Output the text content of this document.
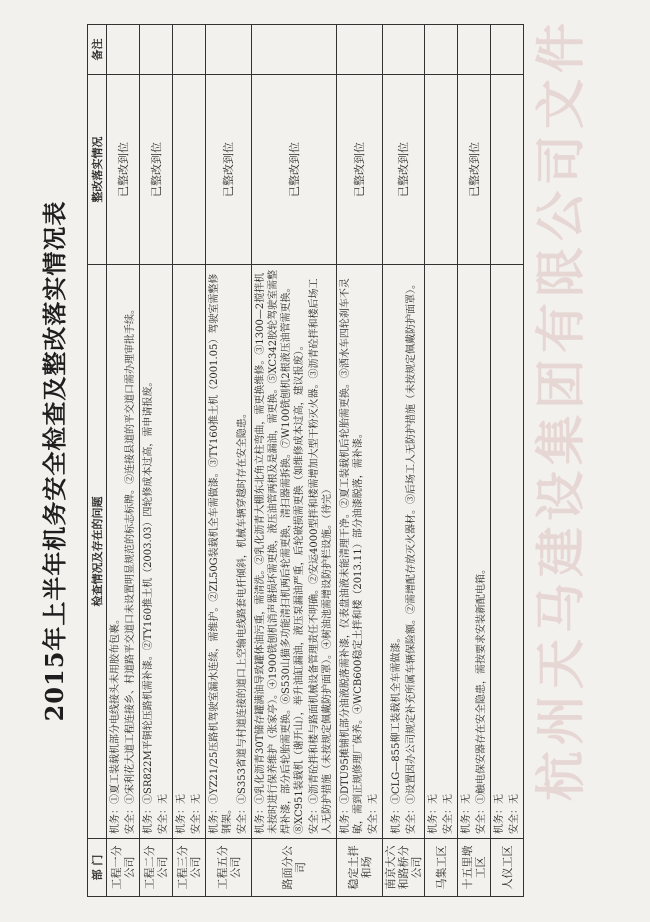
杭州天马建设集团有限公司文件
2015年上半年机务安全检查及整改落实情况表
部 门	检查情况及存在的问题	整改落实情况	备注
工程一分公司	机务：①夏工装载机部分电线接头未用胶布包裹。 安全：①宋利花大道工程连接乡、村道路平交道口未设置明显规范的标志标牌。②连接县道的平交道口需办理审批手续。	已整改到位	
工程二分公司	机务：①SR822M平铜轮压路机需补漆。②TY160推土机（2003.03）四轮修成本过高，需申请报废。 安全：无	已整改到位	
工程三分公司	机务：无 安全：无		

工程五分公司	机务：①YZ21/25压路机驾驶室漏水连续，需维护。②ZL50G装载机全车需做漆。③TY160推土机（2001.05）驾驶室需整修钢架。 安全：①S353省道与村道连接的道口上空输电线路套电杆倾斜，机械车辆穿越时存在安全隐患。	已整改到位	
路面分公司	机务：①乳化沥青30T储存罐满油导致罐体油污重，需清洗。②乳化沥青大棚东北角立柱弯曲，需更换维修。③1300—2搅拌机未按时进行保养维护（张家亭）。④1900铣刨机消声器损坏需更换，液压油管两根及是漏油，需更换。⑤XC342胶轮驾驶室需整焊补漆，部分后轮胎需更换。⑥S530山猫多功能清扫机两后轮需更换，清扫器需拆换。⑦W100铣刨机2根液压油管需更换。⑧XC951装载机（谢开山），举升油缸漏油，液压泵漏油严重，后轮破损需更换（如维修成本过高，建议报废）。 安全：①沥青砼拌和楼与路面机械设备管理责任不明确。②安运4000型拌和楼需增加大型干粉灭火器。③沥青砼拌和楼后场工人无防护措施（未按规定佩戴防护面罩）。④树油池需增设防护栏设施。（待完）	已整改到位	
稳定土拌和场	机务：①DTU95摊铺机部分油液脱落需补漆，仪表盘油液未能清理干净。②夏工装载机后轮胎需更换。③洒水车四轮刹车不灵敏，需到正规修理厂保养。④WCB600稳定土拌和楼（2013.11）部分油漆脱落，需补漆。 安全：无	已整改到位	
南京大六和路桥分公司	机务：①CLG—855柳工装载机全车需做漆。 安全：①设置因办公司规定补充所属车辆保险额。②需增配存放灭火器材。③后场工人无防护措施（未按规定佩戴防护面罩）。	已整改到位	
马集工区	机务：无 安全：无		

十五里墩工区	机务：无 安全：①触电保安器存在安全隐患，需按要求安装新配电箱。	已整改到位	
人仪工区	机务：无 安全：无		
